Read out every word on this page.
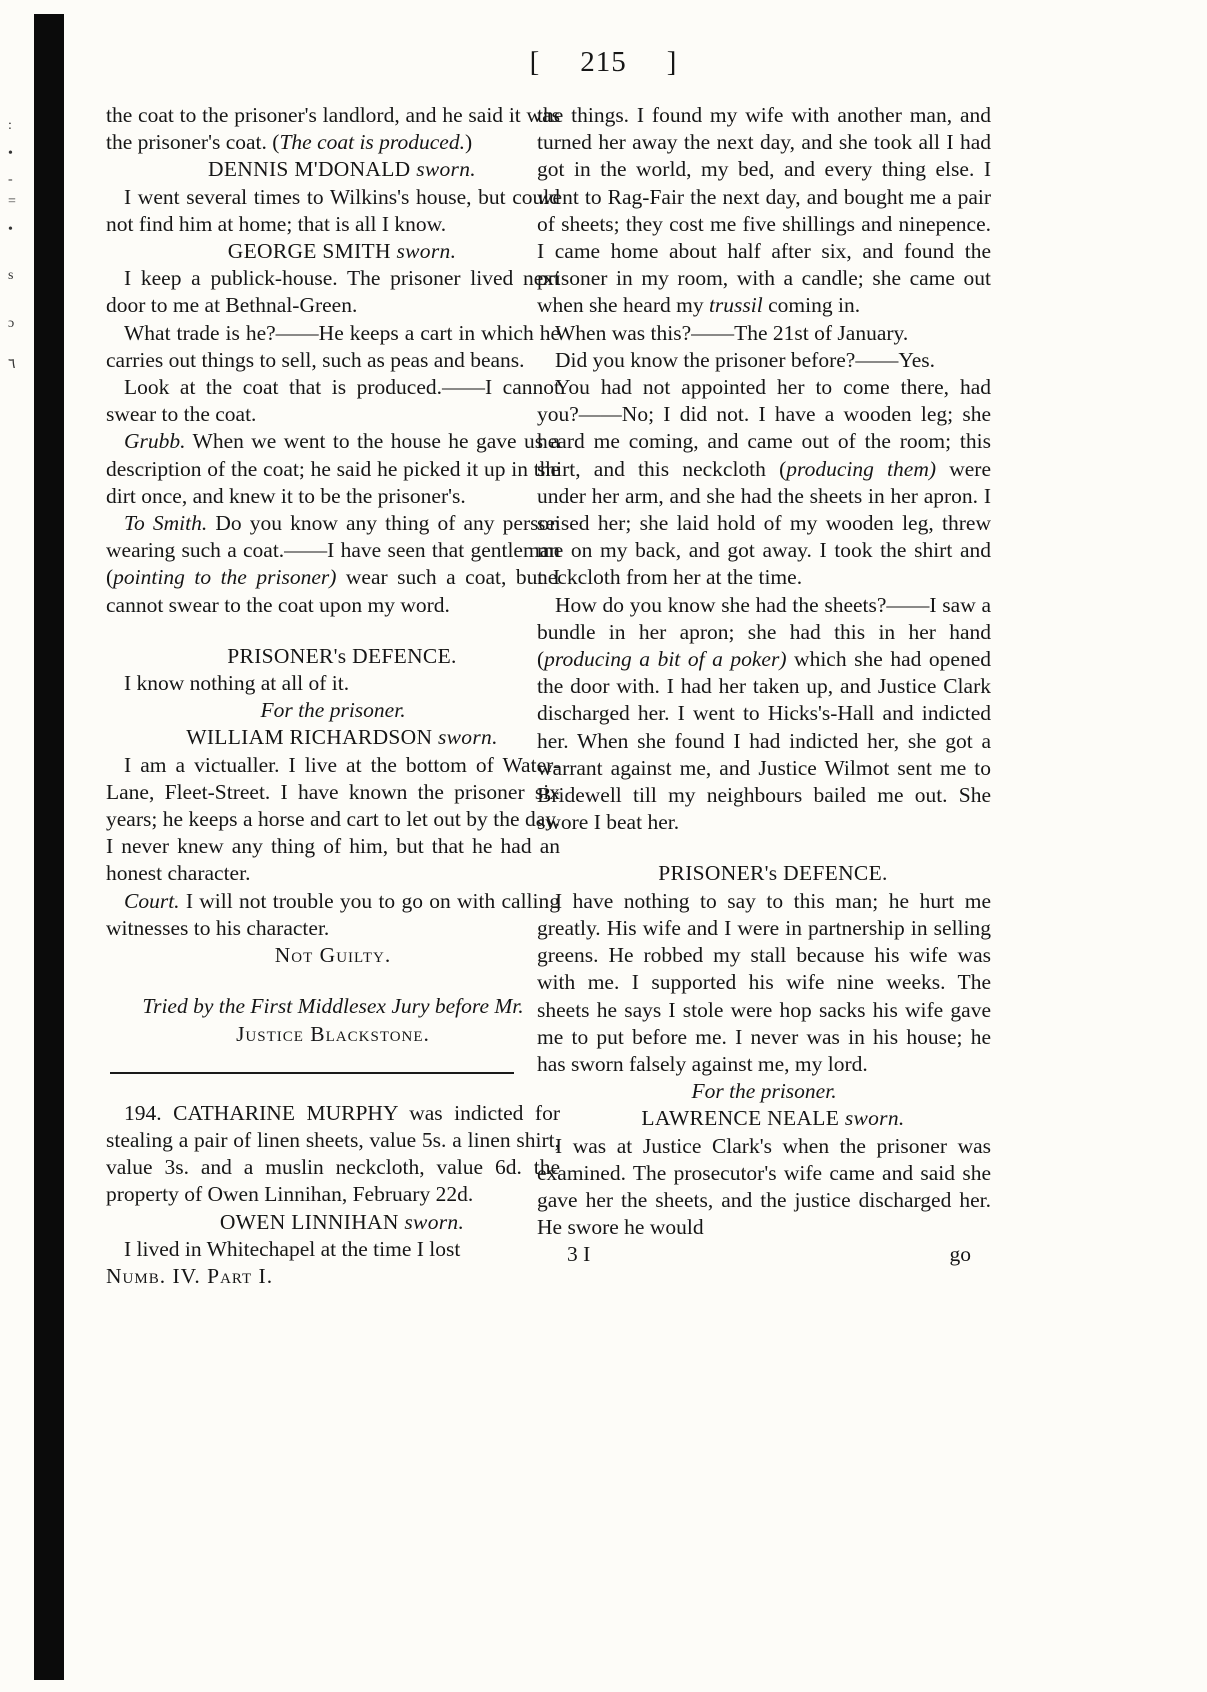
:
•
-
=
•
s
ɔ
٦
[ 215 ]

the coat to the prisoner's landlord, and he said it was the prisoner's coat. (The coat is produced.)

DENNIS M'DONALD sworn.

I went several times to Wilkins's house, but could not find him at home; that is all I know.

GEORGE SMITH sworn.

I keep a publick-house. The prisoner lived next door to me at Bethnal-Green.

What trade is he?——He keeps a cart in which he carries out things to sell, such as peas and beans.

Look at the coat that is produced.——I cannot swear to the coat.

Grubb. When we went to the house he gave us a description of the coat; he said he picked it up in the dirt once, and knew it to be the prisoner's.

To Smith. Do you know any thing of any person wearing such a coat.——I have seen that gentleman (pointing to the prisoner) wear such a coat, but I cannot swear to the coat upon my word.

PRISONER's DEFENCE.

I know nothing at all of it.

For the prisoner.

WILLIAM RICHARDSON sworn.

I am a victualler. I live at the bottom of Water-Lane, Fleet-Street. I have known the prisoner six years; he keeps a horse and cart to let out by the day. I never knew any thing of him, but that he had an honest character.

Court. I will not trouble you to go on with calling witnesses to his character.

Not Guilty.

Tried by the First Middlesex Jury before Mr.

Justice Blackstone.

194. CATHARINE MURPHY was indicted for stealing a pair of linen sheets, value 5s. a linen shirt, value 3s. and a muslin neckcloth, value 6d. the property of Owen Linnihan, February 22d.

OWEN LINNIHAN sworn.

I lived in Whitechapel at the time I lost

Numb. IV. Part I.

the things. I found my wife with another man, and turned her away the next day, and she took all I had got in the world, my bed, and every thing else. I went to Rag-Fair the next day, and bought me a pair of sheets; they cost me five shillings and ninepence. I came home about half after six, and found the prisoner in my room, with a candle; she came out when she heard my trussil coming in.

When was this?——The 21st of January.

Did you know the prisoner before?——Yes.

You had not appointed her to come there, had you?——No; I did not. I have a wooden leg; she heard me coming, and came out of the room; this shirt, and this neckcloth (producing them) were under her arm, and she had the sheets in her apron. I seised her; she laid hold of my wooden leg, threw me on my back, and got away. I took the shirt and neckcloth from her at the time.

How do you know she had the sheets?——I saw a bundle in her apron; she had this in her hand (producing a bit of a poker) which she had opened the door with. I had her taken up, and Justice Clark discharged her. I went to Hicks's-Hall and indicted her. When she found I had indicted her, she got a warrant against me, and Justice Wilmot sent me to Bridewell till my neighbours bailed me out. She swore I beat her.

PRISONER's DEFENCE.

I have nothing to say to this man; he hurt me greatly. His wife and I were in partnership in selling greens. He robbed my stall because his wife was with me. I supported his wife nine weeks. The sheets he says I stole were hop sacks his wife gave me to put before me. I never was in his house; he has sworn falsely against me, my lord.

For the prisoner.

LAWRENCE NEALE sworn.

I was at Justice Clark's when the prisoner was examined. The prosecutor's wife came and said she gave her the sheets, and the justice discharged her. He swore he would

3 I	go
